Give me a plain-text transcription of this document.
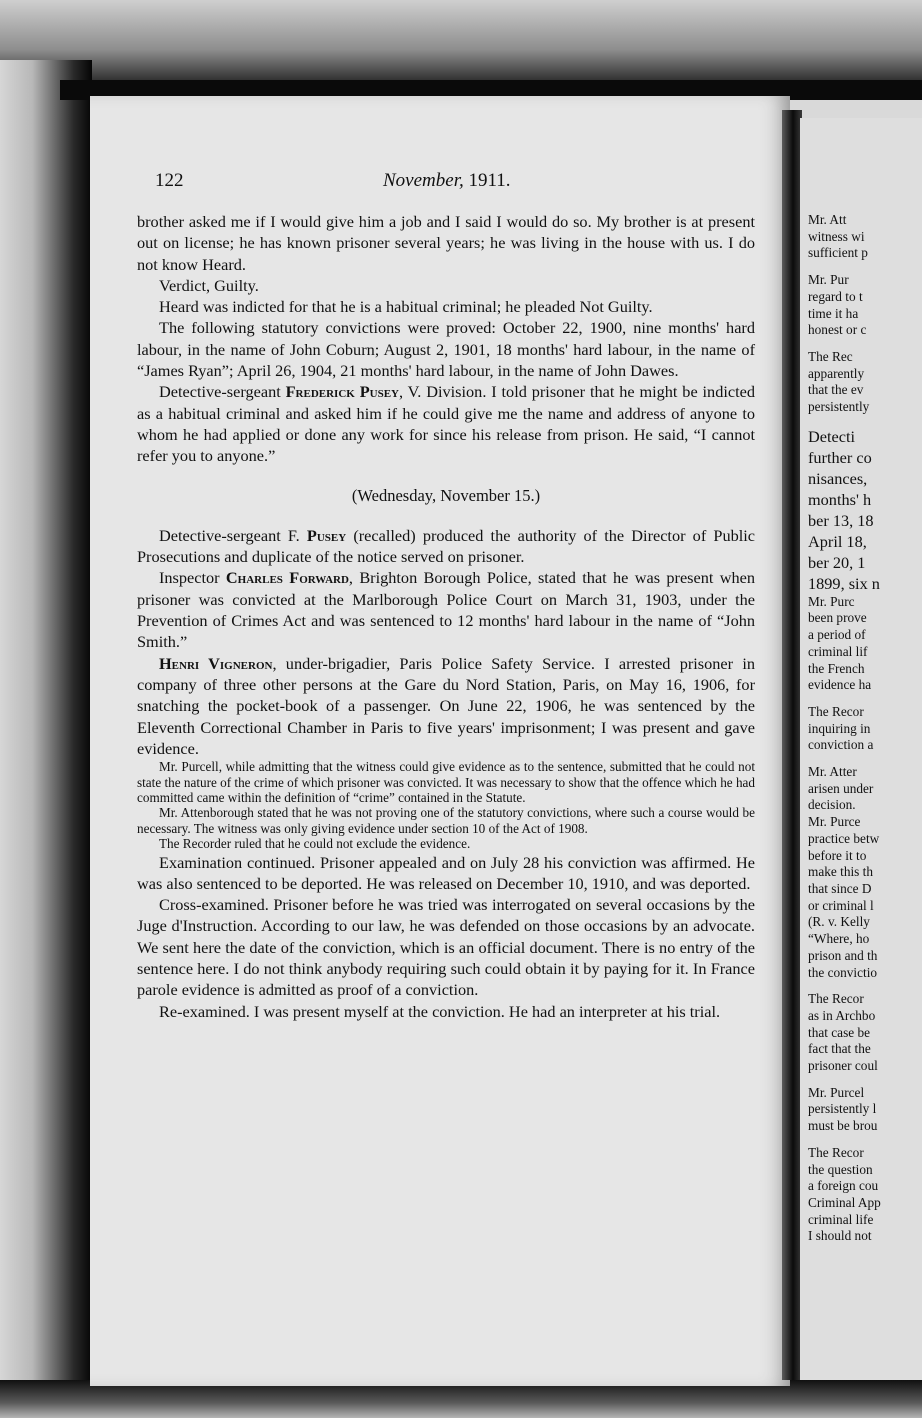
Mr. Att
witness wi
sufficient p
Mr. Pur
regard to t
time it ha
honest or c
The Rec
apparently
that the ev
persistently
Detecti
further co
nisances,
months' h
ber 13, 18
April 18,
ber 20, 1
1899, six n
Mr. Purc
been prove
a period of
criminal lif
the French
evidence ha
The Recor
inquiring in
conviction a
Mr. Atter
arisen under
decision.
Mr. Purce
practice betw
before it to
make this th
that since D
or criminal l
(R. v. Kelly
“Where, ho
prison and th
the convictio
The Recor
as in Archbo
that case be
fact that the
prisoner coul
Mr. Purcel
persistently l
must be brou
The Recor
the question
a foreign cou
Criminal App
criminal life
I should not
122	November, 1911.

brother asked me if I would give him a job and I said I would do so. My brother is at present out on license; he has known prisoner several years; he was living in the house with us. I do not know Heard.

Verdict, Guilty.

Heard was indicted for that he is a habitual criminal; he pleaded Not Guilty.

The following statutory convictions were proved: October 22, 1900, nine months' hard labour, in the name of John Coburn; August 2, 1901, 18 months' hard labour, in the name of “James Ryan”; April 26, 1904, 21 months' hard labour, in the name of John Dawes.

Detective-sergeant Frederick Pusey, V. Division. I told prisoner that he might be indicted as a habitual criminal and asked him if he could give me the name and address of anyone to whom he had applied or done any work for since his release from prison. He said, “I cannot refer you to anyone.”

(Wednesday, November 15.)

Detective-sergeant F. Pusey (recalled) produced the authority of the Director of Public Prosecutions and duplicate of the notice served on prisoner.

Inspector Charles Forward, Brighton Borough Police, stated that he was present when prisoner was convicted at the Marlborough Police Court on March 31, 1903, under the Prevention of Crimes Act and was sentenced to 12 months' hard labour in the name of “John Smith.”

Henri Vigneron, under-brigadier, Paris Police Safety Service. I arrested prisoner in company of three other persons at the Gare du Nord Station, Paris, on May 16, 1906, for snatching the pocket-book of a passenger. On June 22, 1906, he was sentenced by the Eleventh Correctional Chamber in Paris to five years' imprisonment; I was present and gave evidence.

Mr. Purcell, while admitting that the witness could give evidence as to the sentence, submitted that he could not state the nature of the crime of which prisoner was convicted. It was necessary to show that the offence which he had committed came within the definition of “crime” contained in the Statute.

Mr. Attenborough stated that he was not proving one of the statutory convictions, where such a course would be necessary. The witness was only giving evidence under section 10 of the Act of 1908.

The Recorder ruled that he could not exclude the evidence.

Examination continued. Prisoner appealed and on July 28 his conviction was affirmed. He was also sentenced to be deported. He was released on December 10, 1910, and was deported.

Cross-examined. Prisoner before he was tried was interrogated on several occasions by the Juge d'Instruction. According to our law, he was defended on those occasions by an advocate. We sent here the date of the conviction, which is an official document. There is no entry of the sentence here. I do not think anybody requiring such could obtain it by paying for it. In France parole evidence is admitted as proof of a conviction.

Re-examined. I was present myself at the conviction. He had an interpreter at his trial.
